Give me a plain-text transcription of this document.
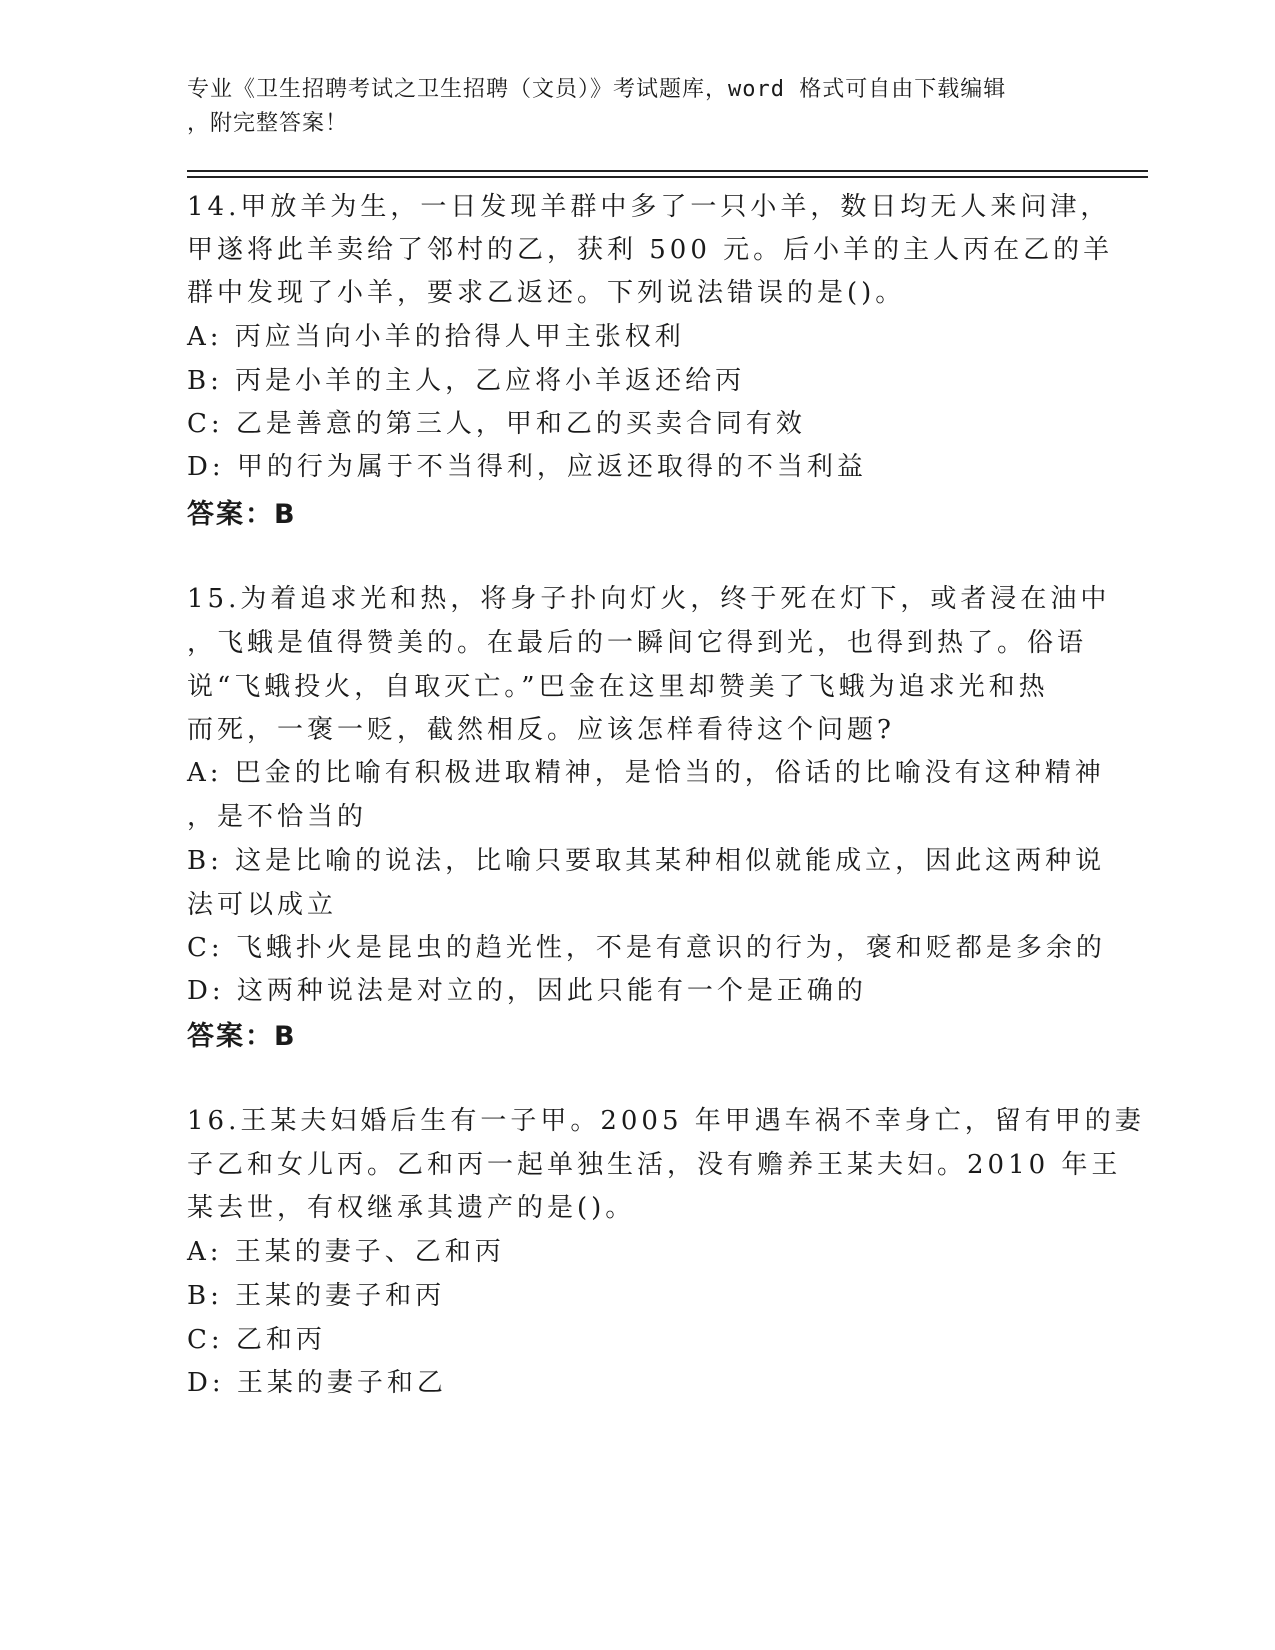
专业《卫生招聘考试之卫生招聘（文员）》考试题库，word 格式可自由下载编辑
，附完整答案！
14.甲放羊为生，一日发现羊群中多了一只小羊，数日均无人来问津，
甲遂将此羊卖给了邻村的乙，获利 500 元。后小羊的主人丙在乙的羊
群中发现了小羊，要求乙返还。下列说法错误的是()。
A: 丙应当向小羊的拾得人甲主张权利
B: 丙是小羊的主人，乙应将小羊返还给丙
C: 乙是善意的第三人，甲和乙的买卖合同有效
D: 甲的行为属于不当得利，应返还取得的不当利益
答案：B
15.为着追求光和热，将身子扑向灯火，终于死在灯下，或者浸在油中
，飞蛾是值得赞美的。在最后的一瞬间它得到光，也得到热了。俗语
说“飞蛾投火，自取灭亡。”巴金在这里却赞美了飞蛾为追求光和热
而死，一褒一贬，截然相反。应该怎样看待这个问题?
A: 巴金的比喻有积极进取精神，是恰当的，俗话的比喻没有这种精神
，是不恰当的
B: 这是比喻的说法，比喻只要取其某种相似就能成立，因此这两种说
法可以成立
C: 飞蛾扑火是昆虫的趋光性，不是有意识的行为，褒和贬都是多余的
D: 这两种说法是对立的，因此只能有一个是正确的
答案：B
16.王某夫妇婚后生有一子甲。2005 年甲遇车祸不幸身亡，留有甲的妻
子乙和女儿丙。乙和丙一起单独生活，没有赡养王某夫妇。2010 年王
某去世，有权继承其遗产的是()。
A: 王某的妻子、乙和丙
B: 王某的妻子和丙
C: 乙和丙
D: 王某的妻子和乙
